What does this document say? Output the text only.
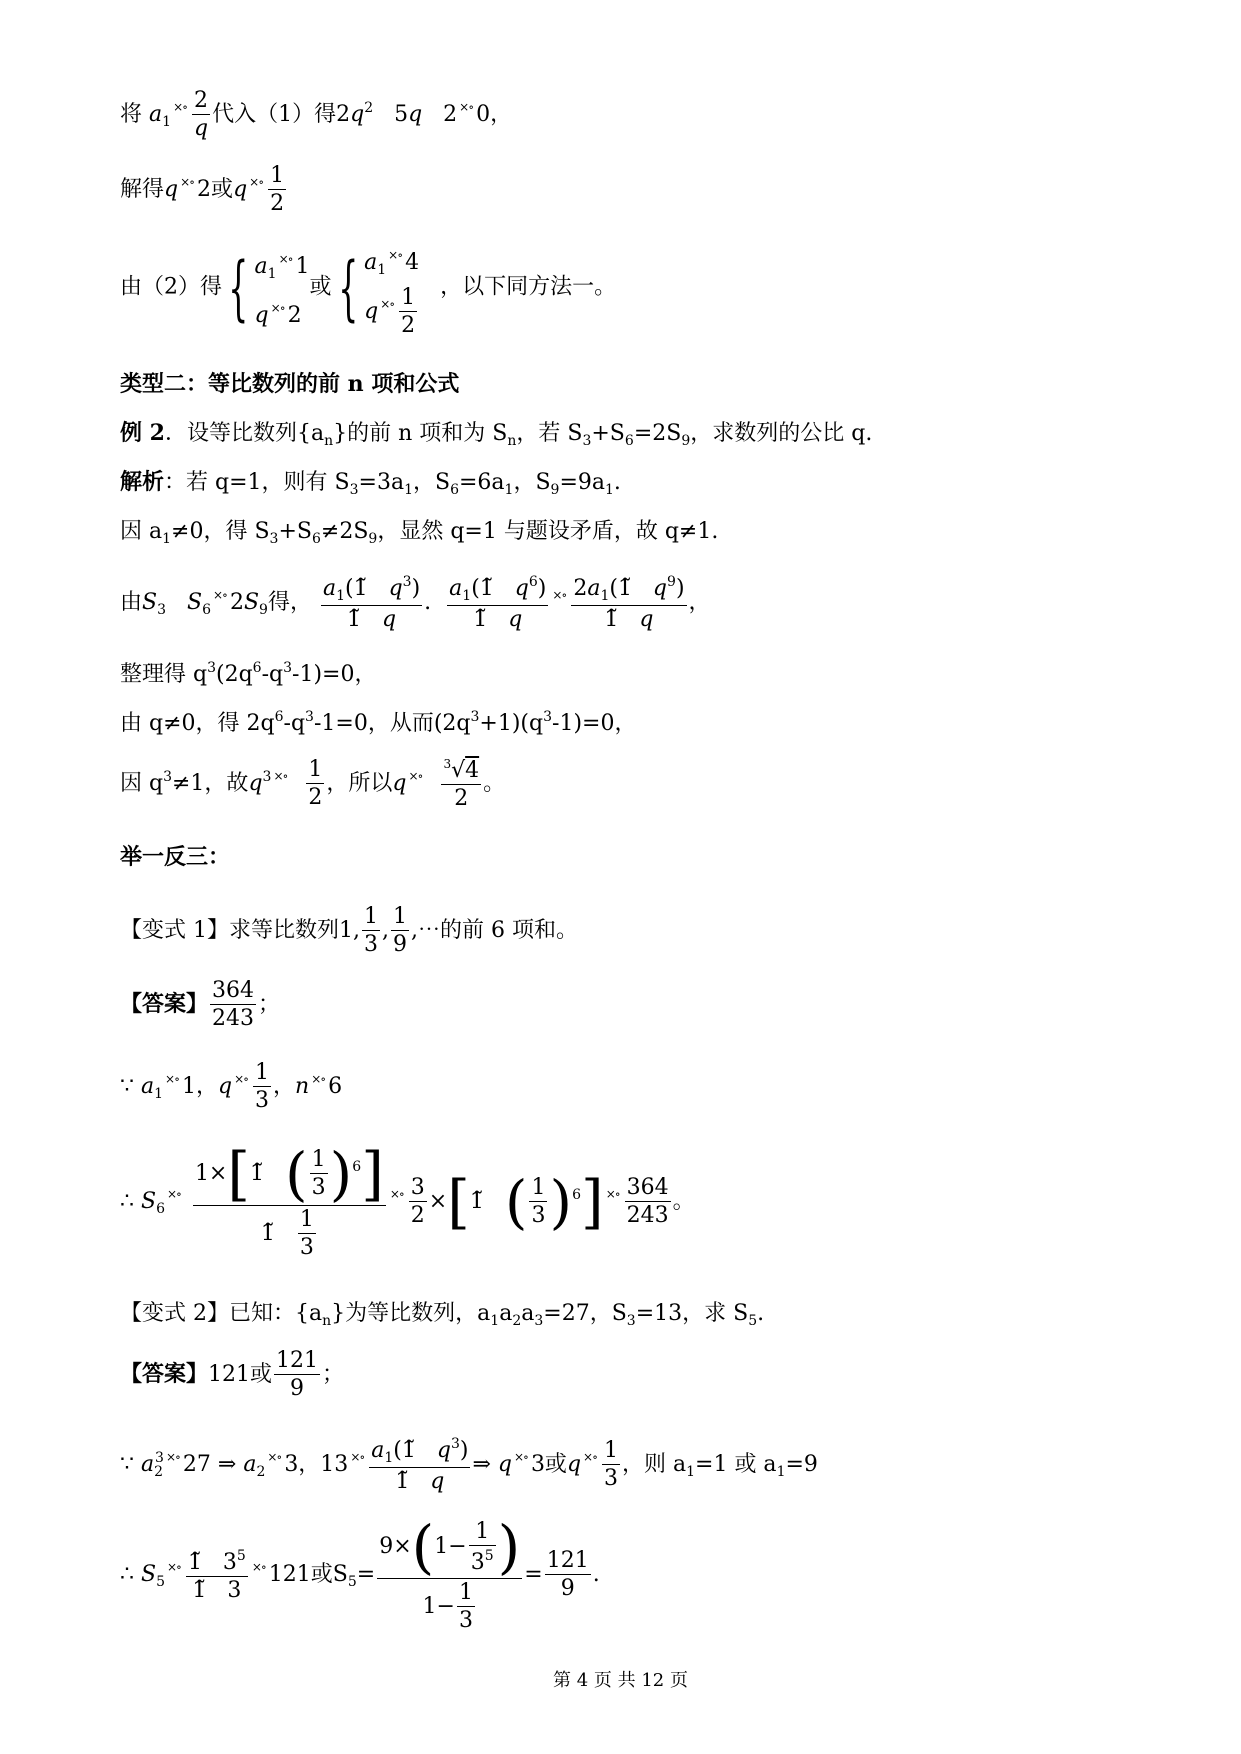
将 $a_1^{\times\circ} \frac{2}{q}$ 代入（1）得$2q^2$   5q   2 ×∘ 0，
解得q ×∘ 2或q $^{\times\circ} \frac{1}{2}$
由（2）得{ $a_1^{\times\circ}$ 1
q ×∘ 2或{ $a_1^{\times\circ}$ 4
q $^{\times\circ} \frac{1}{2}$ ，以下同方法一。
类型二：等比数列的前 n 项和公式
例 2．设等比数列$\{a_n\}$的前 n 项和为 $S_n$，若 $S_3+S_6=2S_9$，求数列的公比 q.
解析：若 q=1，则有 $S_3=3a_1$，$S_6=6a_1$，$S_9=9a_1$.
因 $a_1\ne 0$，得 $S_3+S_6\ne 2S_9$，显然 q=1 与题设矛盾，故 q≠1.
由$S_3$ $S_6^{\times\circ}$ $2S_9$得， $\frac{a_1(1̃ q^3)}{1̃ q}$ . $\frac{a_1(1̃ q^6)}{1̃ q} ^{\times\circ} \frac{2a_1(1̃ q^9)}{1̃ q}$ ，
整理得 $q^3(2q^6-q^3-1)=0$，
由 q≠0，得 $2q^6-q^3-1=0$，从而$(2q^3+1)(q^3-1)=0$，
因 $q^3\ne 1$，故$q^3$ $^{\times\circ} \frac{1}{2}$ ，所以q $^{\times\circ} \frac{^3√4}{2}$ 。
举一反三：
【变式 1】求等比数列1, $\frac{1}{3}$ , $\frac{1}{9}$ ,⋯的前 6 项和。
【答案】 $\frac{364}{243}$ ；
∵ $a_1^{\times\circ}$ 1，q $^{\times\circ} \frac{1}{3}$ ，n ×∘ 6
∴ $S_6^{\times\circ} \frac{1\times[1̃ ( \frac{1}{3} )^6]}{1̃ \frac{1}{3}} ^{\times\circ} \frac{3}{2}$ ×[1̃   ( $\frac{1}{3} )^6$] $^{\times\circ} \frac{364}{243}$ 。
【变式 2】已知：$\{a_n\}$为等比数列，$a_1a_2a_3=27$，$S_3=13$，求 $S_5$.
【答案】121或 $\frac{121}{9}$ ；
∵ $a_2^3$ ×∘ 27 ⇒ $a_2^{\times\circ}$ 3，13 $^{\times\circ} \frac{a_1(1̃ q^3)}{1̃ q}$ ⇒ q ×∘ 3或q $^{\times\circ} \frac{1}{3}$ ，则 $a_1=1$ 或 $a_1=9$
∴ $S_5^{\times\circ} \frac{1̃ 3^5}{1̃ 3} ^{\times\circ}$ 121或$S_5= \frac{9\times(1- \frac{1}{3^5} )}{1- \frac{1}{3}} = \frac{121}{9}$ .
第 4 页 共 12 页
